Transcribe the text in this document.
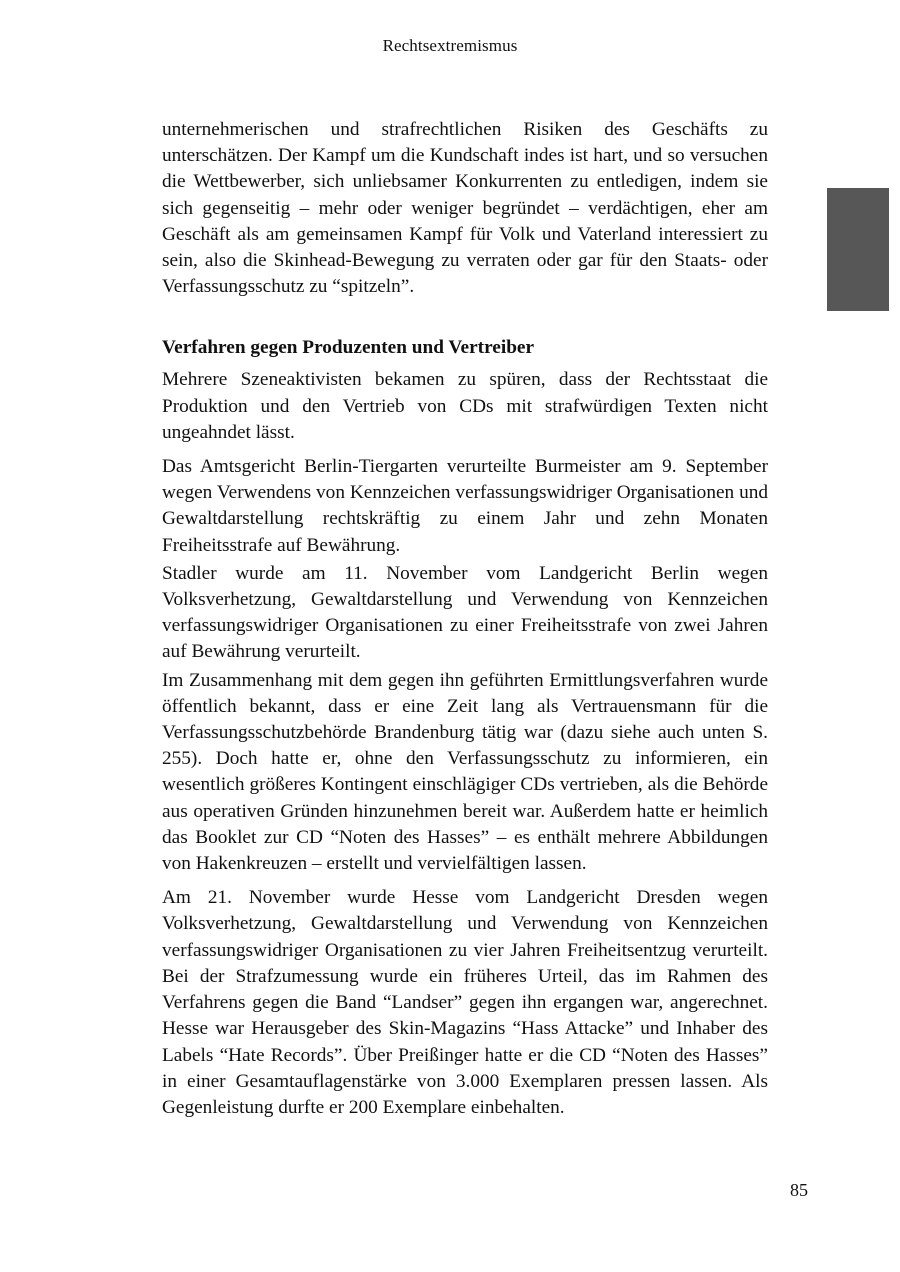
Rechtsextremismus

unternehmerischen und strafrechtlichen Risiken des Geschäfts zu unterschätzen. Der Kampf um die Kundschaft indes ist hart, und so versuchen die Wettbewerber, sich unliebsamer Konkurrenten zu entledigen, indem sie sich gegenseitig – mehr oder weniger begründet – verdächtigen, eher am Geschäft als am gemeinsamen Kampf für Volk und Vaterland interessiert zu sein, also die Skinhead-Bewegung zu verraten oder gar für den Staats- oder Verfassungsschutz zu “spitzeln”.

Verfahren gegen Produzenten und Vertreiber

Mehrere Szeneaktivisten bekamen zu spüren, dass der Rechtsstaat die Produktion und den Vertrieb von CDs mit strafwürdigen Texten nicht ungeahndet lässt.

Das Amtsgericht Berlin-Tiergarten verurteilte Burmeister am 9. September wegen Verwendens von Kennzeichen verfassungswidriger Organisationen und Gewaltdarstellung rechtskräftig zu einem Jahr und zehn Monaten Freiheitsstrafe auf Bewährung.

Stadler wurde am 11. November vom Landgericht Berlin wegen Volksverhetzung, Gewaltdarstellung und Verwendung von Kennzeichen verfassungswidriger Organisationen zu einer Freiheitsstrafe von zwei Jahren auf Bewährung verurteilt.

Im Zusammenhang mit dem gegen ihn geführten Ermittlungsverfahren wurde öffentlich bekannt, dass er eine Zeit lang als Vertrauensmann für die Verfassungsschutzbehörde Brandenburg tätig war (dazu siehe auch unten S. 255). Doch hatte er, ohne den Verfassungsschutz zu informieren, ein wesentlich größeres Kontingent einschlägiger CDs vertrieben, als die Behörde aus operativen Gründen hinzunehmen bereit war. Außerdem hatte er heimlich das Booklet zur CD “Noten des Hasses” – es enthält mehrere Abbildungen von Hakenkreuzen – erstellt und vervielfältigen lassen.

Am 21. November wurde Hesse vom Landgericht Dresden wegen Volksverhetzung, Gewaltdarstellung und Verwendung von Kennzeichen verfassungswidriger Organisationen zu vier Jahren Freiheitsentzug verurteilt. Bei der Strafzumessung wurde ein früheres Urteil, das im Rahmen des Verfahrens gegen die Band “Landser” gegen ihn ergangen war, angerechnet. Hesse war Herausgeber des Skin-Magazins “Hass Attacke” und Inhaber des Labels “Hate Records”. Über Preißinger hatte er die CD “Noten des Hasses” in einer Gesamtauflagenstärke von 3.000 Exemplaren pressen lassen. Als Gegenleistung durfte er 200 Exemplare einbehalten.

85
